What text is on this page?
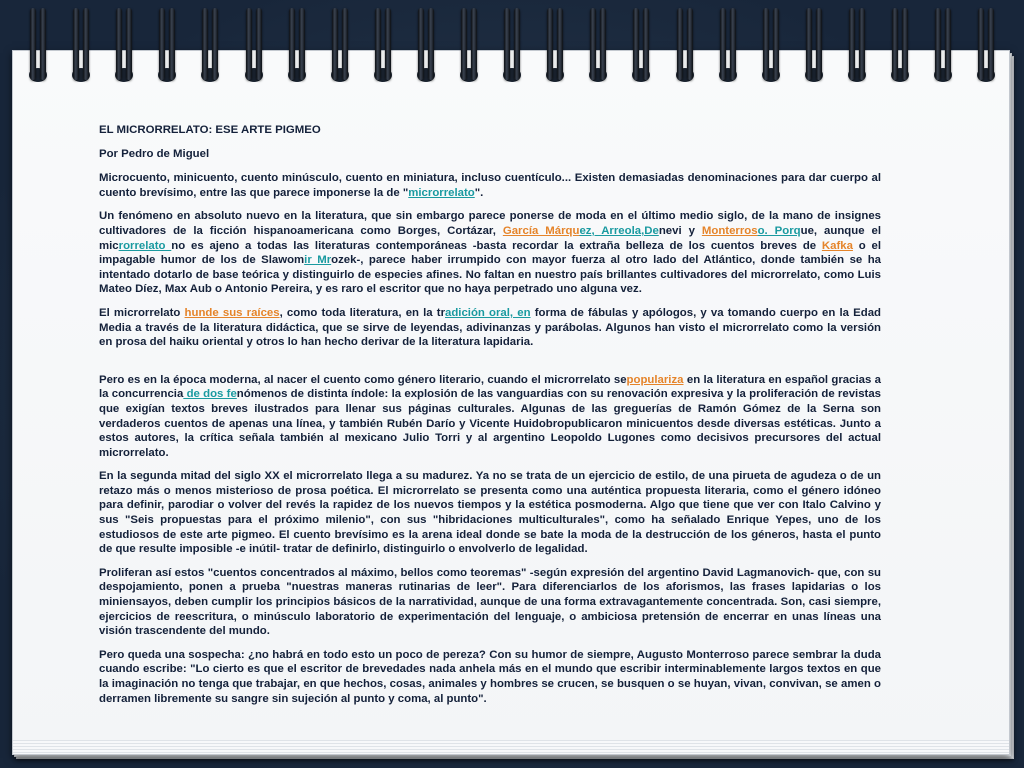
EL MICRORRELATO: ESE ARTE PIGMEO

Por Pedro de Miguel

Microcuento, minicuento, cuento minúsculo, cuento en miniatura, incluso cuentículo... Existen demasiadas denominaciones para dar cuerpo al cuento brevísimo, entre las que parece imponerse la de "microrrelato".

Un fenómeno en absoluto nuevo en la literatura, que sin embargo parece ponerse de moda en el último medio siglo, de la mano de insignes cultivadores de la ficción hispanoamericana como Borges, Cortázar, García Márquez, Arreola,Denevi y Monterroso. Porque, aunque el microrrelato no es ajeno a todas las literaturas contemporáneas -basta recordar la extraña belleza de los cuentos breves de Kafka o el impagable humor de los de Slawomir Mrozek-, parece haber irrumpido con mayor fuerza al otro lado del Atlántico, donde también se ha intentado dotarlo de base teórica y distinguirlo de especies afines. No faltan en nuestro país brillantes cultivadores del microrrelato, como Luis Mateo Díez, Max Aub o Antonio Pereira, y es raro el escritor que no haya perpetrado uno alguna vez.

El microrrelato hunde sus raíces, como toda literatura, en la tradición oral, en forma de fábulas y apólogos, y va tomando cuerpo en la Edad Media a través de la literatura didáctica, que se sirve de leyendas, adivinanzas y parábolas. Algunos han visto el microrrelato como la versión en prosa del haiku oriental y otros lo han hecho derivar de la literatura lapidaria.

Pero es en la época moderna, al nacer el cuento como género literario, cuando el microrrelato sepopulariza en la literatura en español gracias a la concurrencia de dos fenómenos de distinta índole: la explosión de las vanguardias con su renovación expresiva y la proliferación de revistas que exigían textos breves ilustrados para llenar sus páginas culturales. Algunas de las greguerías de Ramón Gómez de la Serna son verdaderos cuentos de apenas una línea, y también Rubén Darío y Vicente Huidobropublicaron minicuentos desde diversas estéticas. Junto a estos autores, la crítica señala también al mexicano Julio Torri y al argentino Leopoldo Lugones como decisivos precursores del actual microrrelato.

En la segunda mitad del siglo XX el microrrelato llega a su madurez. Ya no se trata de un ejercicio de estilo, de una pirueta de agudeza o de un retazo más o menos misterioso de prosa poética. El microrrelato se presenta como una auténtica propuesta literaria, como el género idóneo para definir, parodiar o volver del revés la rapidez de los nuevos tiempos y la estética posmoderna. Algo que tiene que ver con Italo Calvino y sus "Seis propuestas para el próximo milenio", con sus "hibridaciones multiculturales", como ha señalado Enrique Yepes, uno de los estudiosos de este arte pigmeo. El cuento brevísimo es la arena ideal donde se bate la moda de la destrucción de los géneros, hasta el punto de que resulte imposible -e inútil- tratar de definirlo, distinguirlo o envolverlo de legalidad.

Proliferan así estos "cuentos concentrados al máximo, bellos como teoremas" -según expresión del argentino David Lagmanovich- que, con su despojamiento, ponen a prueba "nuestras maneras rutinarias de leer". Para diferenciarlos de los aforismos, las frases lapidarias o los miniensayos, deben cumplir los principios básicos de la narratividad, aunque de una forma extravagantemente concentrada. Son, casi siempre, ejercicios de reescritura, o minúsculo laboratorio de experimentación del lenguaje, o ambiciosa pretensión de encerrar en unas líneas una visión trascendente del mundo.

Pero queda una sospecha: ¿no habrá en todo esto un poco de pereza? Con su humor de siempre, Augusto Monterroso parece sembrar la duda cuando escribe: "Lo cierto es que el escritor de brevedades nada anhela más en el mundo que escribir interminablemente largos textos en que la imaginación no tenga que trabajar, en que hechos, cosas, animales y hombres se crucen, se busquen o se huyan, vivan, convivan, se amen o derramen libremente su sangre sin sujeción al punto y coma, al punto".
